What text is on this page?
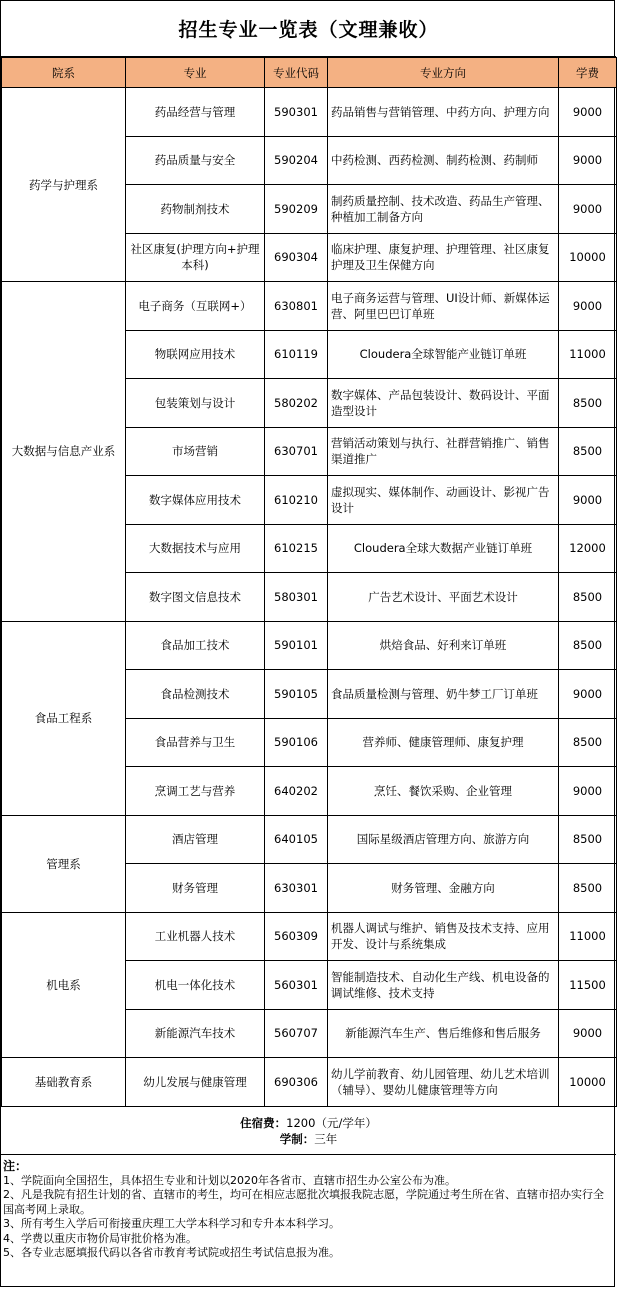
招生专业一览表（文理兼收）
院系	专业	专业代码	专业方向	学费
药学与护理系	药品经营与管理	590301	药品销售与营销管理、中药方向、护理方向	9000
	药品质量与安全	590204	中药检测、西药检测、制药检测、药制师	9000
	药物制剂技术	590209	制药质量控制、技术改造、药品生产管理、种植加工制备方向	9000
	社区康复(护理方向+护理本科)	690304	临床护理、康复护理、护理管理、社区康复护理及卫生保健方向	10000
大数据与信息产业系	电子商务（互联网+）	630801	电子商务运营与管理、UI设计师、新媒体运营、阿里巴巴订单班	9000
	物联网应用技术	610119	Cloudera全球智能产业链订单班	11000
	包装策划与设计	580202	数字媒体、产品包装设计、数码设计、平面造型设计	8500
	市场营销	630701	营销活动策划与执行、社群营销推广、销售渠道推广	8500
	数字媒体应用技术	610210	虚拟现实、媒体制作、动画设计、影视广告设计	9000
	大数据技术与应用	610215	Cloudera全球大数据产业链订单班	12000
	数字图文信息技术	580301	广告艺术设计、平面艺术设计	8500
食品工程系	食品加工技术	590101	烘焙食品、好利来订单班	8500
	食品检测技术	590105	食品质量检测与管理、奶牛梦工厂订单班	9000
	食品营养与卫生	590106	营养师、健康管理师、康复护理	8500
	烹调工艺与营养	640202	烹饪、餐饮采购、企业管理	9000
管理系	酒店管理	640105	国际星级酒店管理方向、旅游方向	8500
	财务管理	630301	财务管理、金融方向	8500
机电系	工业机器人技术	560309	机器人调试与维护、销售及技术支持、应用开发、设计与系统集成	11000
	机电一体化技术	560301	智能制造技术、自动化生产线、机电设备的调试维修、技术支持	11500
	新能源汽车技术	560707	新能源汽车生产、售后维修和售后服务	9000
基础教育系	幼儿发展与健康管理	690306	幼儿学前教育、幼儿园管理、幼儿艺术培训（辅导）、婴幼儿健康管理等方向	10000
住宿费：1200（元/学年）
学制：三年
注：
1、学院面向全国招生，具体招生专业和计划以2020年各省市、直辖市招生办公室公布为准。
2、凡是我院有招生计划的省、直辖市的考生，均可在相应志愿批次填报我院志愿，学院通过考生所在省、直辖市招办实行全国高考网上录取。
3、所有考生入学后可衔接重庆理工大学本科学习和专升本本科学习。
4、学费以重庆市物价局审批价格为准。
5、各专业志愿填报代码以各省市教育考试院或招生考试信息报为准。
